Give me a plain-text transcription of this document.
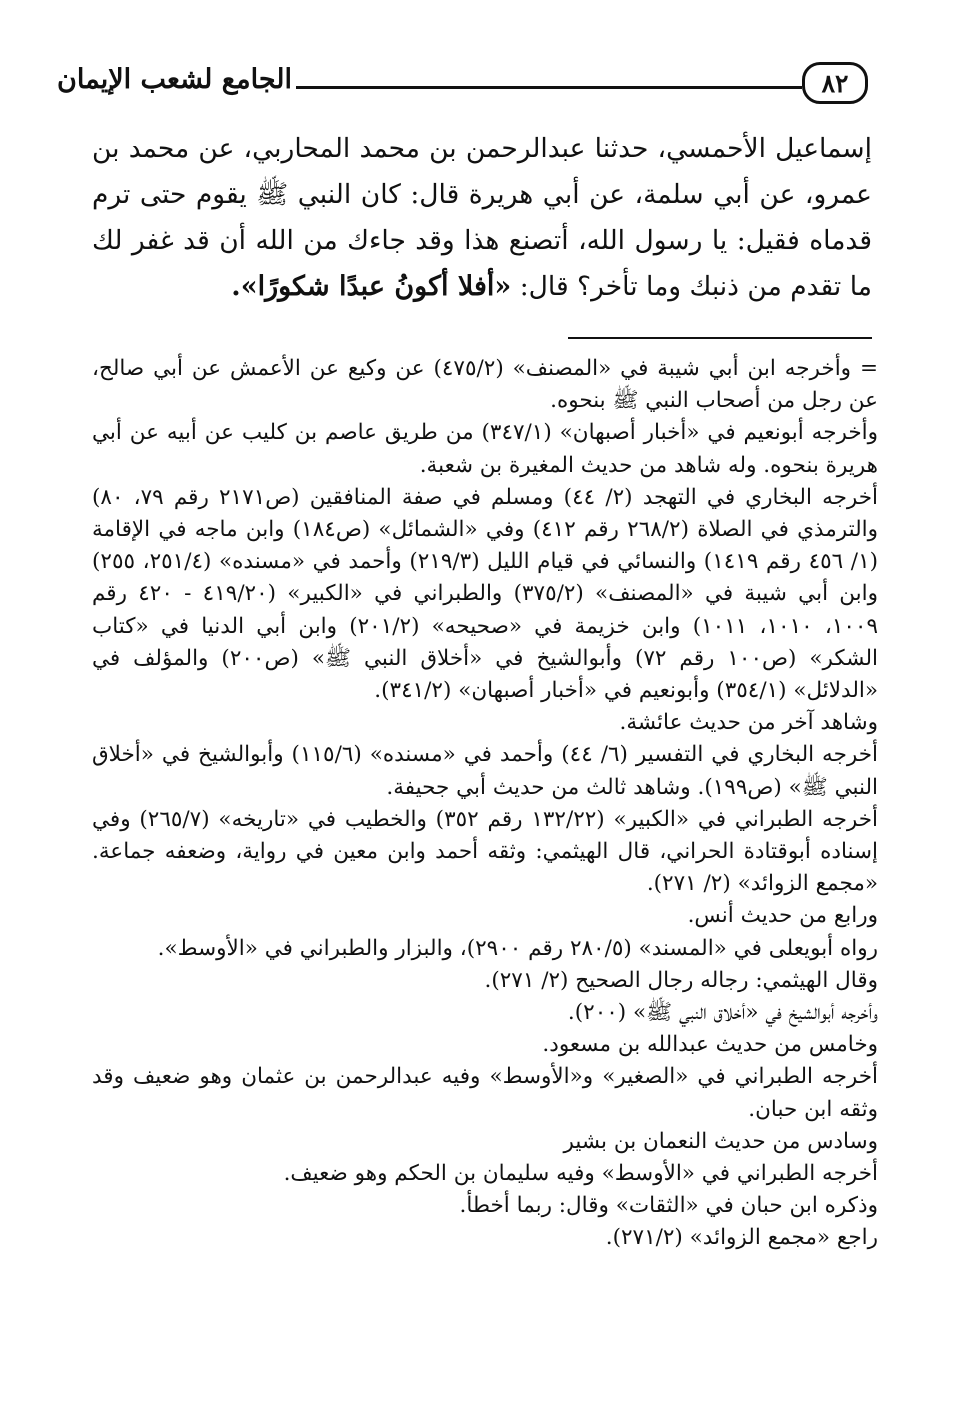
٨٢
الجامع لشعب الإيمان

إسماعيل الأحمسي، حدثنا عبدالرحمن بن محمد المحاربي، عن محمد بن عمرو، عن أبي سلمة، عن أبي هريرة قال: كان النبي ﷺ يقوم حتى ترم قدماه فقيل: يا رسول الله، أتصنع هذا وقد جاءك من الله أن قد غفر لك ما تقدم من ذنبك وما تأخر؟ قال: «أفلا أكونُ عبدًا شكورًا».

= وأخرجه ابن أبي شيبة في «المصنف» (٤٧٥/٢) عن وكيع عن الأعمش عن أبي صالح، عن رجل من أصحاب النبي ﷺ بنحوه.

وأخرجه أبونعيم في «أخبار أصبهان» (٣٤٧/١) من طريق عاصم بن كليب عن أبيه عن أبي هريرة بنحوه. وله شاهد من حديث المغيرة بن شعبة.

أخرجه البخاري في التهجد (٢/ ٤٤) ومسلم في صفة المنافقين (ص٢١٧١ رقم ٧٩، ٨٠) والترمذي في الصلاة (٢٦٨/٢ رقم ٤١٢) وفي «الشمائل» (ص١٨٤) وابن ماجه في الإقامة (١/ ٤٥٦ رقم ١٤١٩) والنسائي في قيام الليل (٢١٩/٣) وأحمد في «مسنده» (٢٥١/٤، ٢٥٥) وابن أبي شيبة في «المصنف» (٣٧٥/٢) والطبراني في «الكبير» (٤١٩/٢٠ - ٤٢٠ رقم ١٠٠٩، ١٠١٠، ١٠١١) وابن خزيمة في «صحيحه» (٢٠١/٢) وابن أبي الدنيا في «كتاب الشكر» (ص١٠٠ رقم ٧٢) وأبوالشيخ في «أخلاق النبي ﷺ» (ص٢٠٠) والمؤلف في «الدلائل» (٣٥٤/١) وأبونعيم في «أخبار أصبهان» (٣٤١/٢).

وشاهد آخر من حديث عائشة.

أخرجه البخاري في التفسير (٦/ ٤٤) وأحمد في «مسنده» (١١٥/٦) وأبوالشيخ في «أخلاق النبي ﷺ» (ص١٩٩). وشاهد ثالث من حديث أبي جحيفة.

أخرجه الطبراني في «الكبير» (١٣٢/٢٢ رقم ٣٥٢) والخطيب في «تاريخه» (٢٦٥/٧) وفي إسناده أبوقتادة الحراني، قال الهيثمي: وثقه أحمد وابن معين في رواية، وضعفه جماعة. «مجمع الزوائد» (٢/ ٢٧١).

ورابع من حديث أنس.

رواه أبويعلى في «المسند» (٢٨٠/٥ رقم ٢٩٠٠)، والبزار والطبراني في «الأوسط».

وقال الهيثمي: رجاله رجال الصحيح (٢/ ٢٧١).

وأخرجه أبوالشيخ في «أخلاق النبي ﷺ» (٢٠٠).

وخامس من حديث عبدالله بن مسعود.

أخرجه الطبراني في «الصغير» و«الأوسط» وفيه عبدالرحمن بن عثمان وهو ضعيف وقد وثقه ابن حبان.

وسادس من حديث النعمان بن بشير

أخرجه الطبراني في «الأوسط» وفيه سليمان بن الحكم وهو ضعيف.

وذكره ابن حبان في «الثقات» وقال: ربما أخطأ.

راجع «مجمع الزوائد» (٢٧١/٢).
